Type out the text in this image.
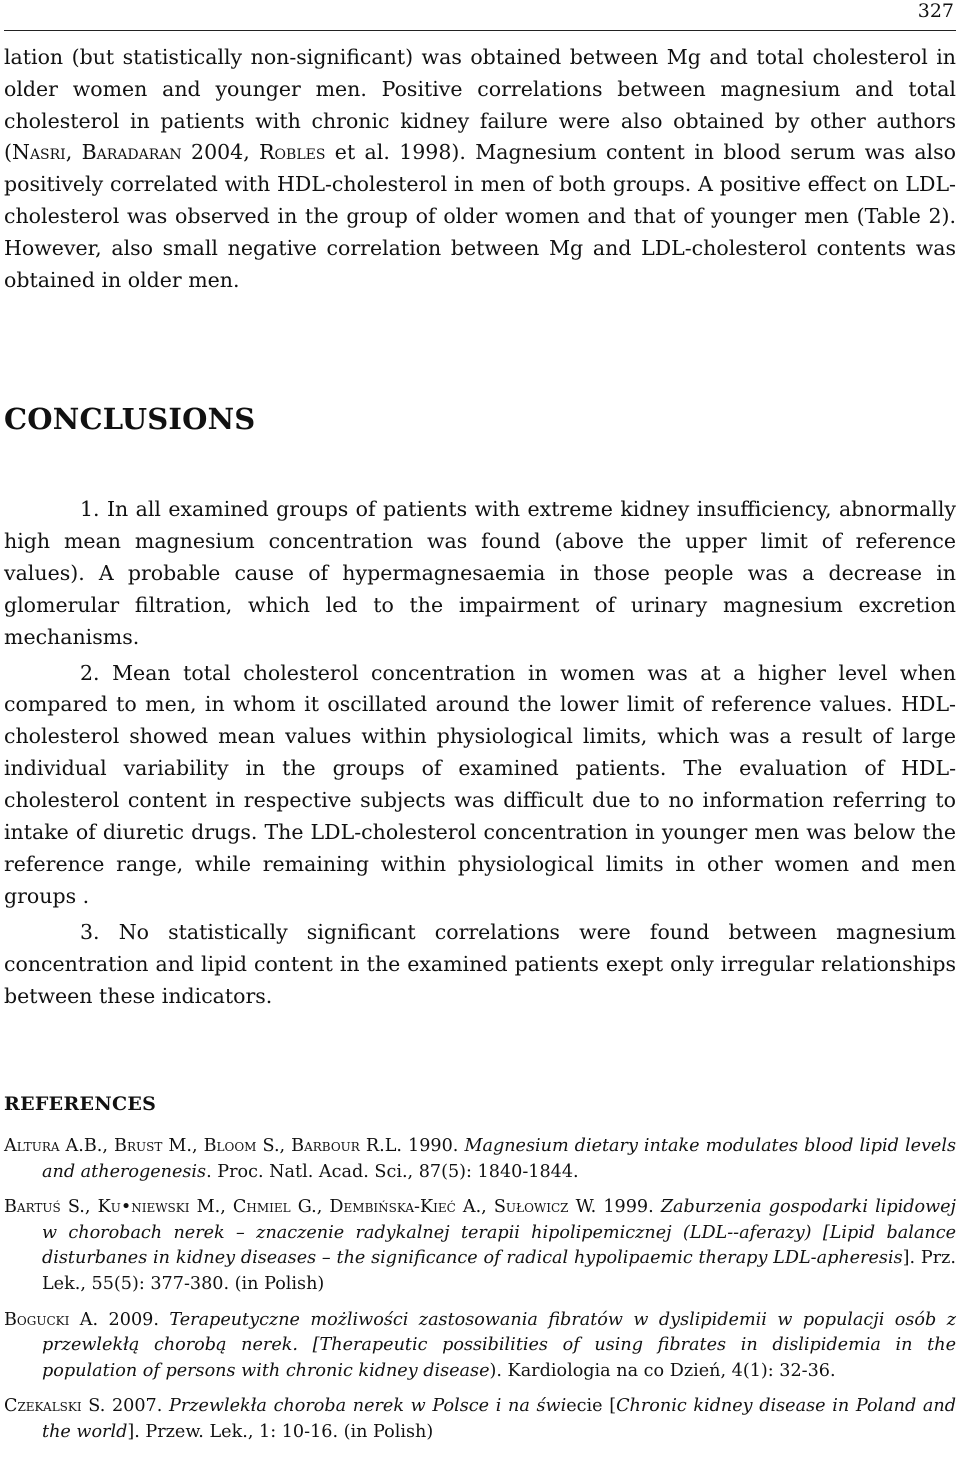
327

lation (but statistically non-significant) was obtained between Mg and total cholesterol in older women and younger men. Positive correlations between magnesium and total cholesterol in patients with chronic kidney failure were also obtained by other authors (Nasri, Baradaran 2004, Robles et al. 1998). Magnesium content in blood serum was also positively correlated with HDL-cholesterol in men of both groups. A positive effect on LDL-cholesterol was observed in the group of older women and that of younger men (Table 2). However, also small negative correlation between Mg and LDL-cholesterol contents was obtained in older men.

CONCLUSIONS

1. In all examined groups of patients with extreme kidney insufficiency, abnormally high mean magnesium concentration was found (above the upper limit of reference values). A probable cause of hypermagnesaemia in those people was a decrease in glomerular filtration, which led to the impairment of urinary magnesium excretion mechanisms.

2. Mean total cholesterol concentration in women was at a higher level when compared to men, in whom it oscillated around the lower limit of reference values. HDL-cholesterol showed mean values within physiological limits, which was a result of large individual variability in the groups of examined patients. The evaluation of HDL-cholesterol content in respective subjects was difficult due to no information referring to intake of diuretic drugs. The LDL-cholesterol concentration in younger men was below the reference range, while remaining within physiological limits in other women and men groups .

3. No statistically significant correlations were found between magnesium concentration and lipid content in the examined patients exept only irregular relationships between these indicators.

REFERENCES

Altura A.B., Brust M., Bloom S., Barbour R.L. 1990. Magnesium dietary intake modulates blood lipid levels and atherogenesis. Proc. Natl. Acad. Sci., 87(5): 1840-1844.

Bartuś S., Ku•niewski M., Chmiel G., Dembińska-Kieć A., Sułowicz W. 1999. Zaburzenia gospodarki lipidowej w chorobach nerek – znaczenie radykalnej terapii hipolipemicznej (LDL--aferazy) [Lipid balance disturbanes in kidney diseases – the significance of radical hypolipaemic therapy LDL-apheresis]. Prz. Lek., 55(5): 377-380. (in Polish)

Bogucki A. 2009. Terapeutyczne możliwości zastosowania fibratów w dyslipidemii w populacji osób z przewlekłą chorobą nerek. [Therapeutic possibilities of using fibrates in dislipidemia in the population of persons with chronic kidney disease). Kardiologia na co Dzień, 4(1): 32-36.

Czekalski S. 2007. Przewlekła choroba nerek w Polsce i na świecie [Chronic kidney disease in Poland and the world]. Przew. Lek., 1: 10-16. (in Polish)
